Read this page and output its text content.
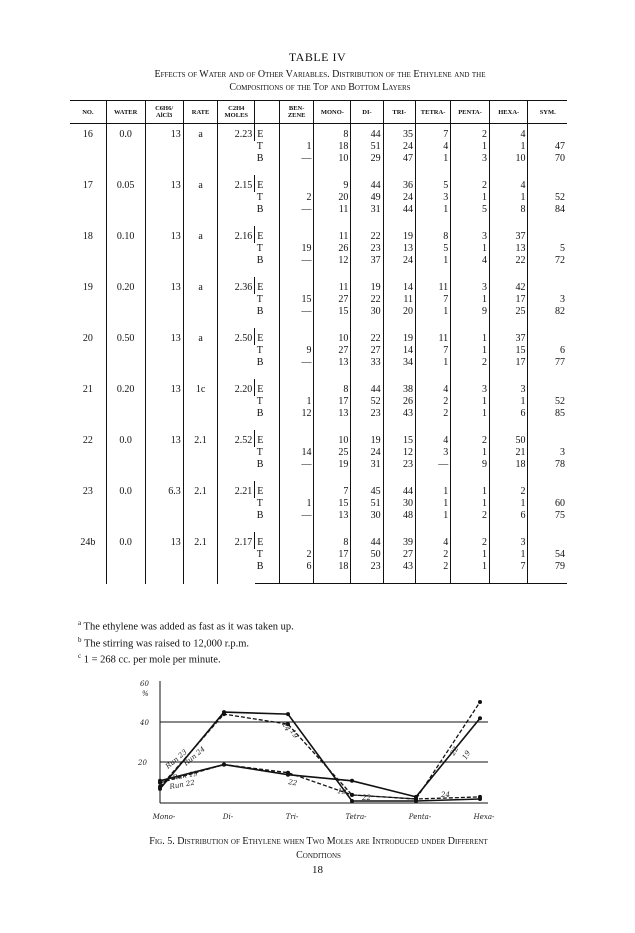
TABLE IV
Effects of Water and of Other Variables. Distribution of the Ethylene and the
Compositions of the Top and Bottom Layers
NO.	WATER	C6H6/ AlCl3	RATE	C2H4 MOLES		BEN- ZENE	MONO-	DI-	TRI-	TETRA-	PENTA-	HEXA-	SYM.
16	0.0	13	a	2.23	E		8	44	35	7	2	4	
					T	1	18	51	24	4	1	1	47
					B	—	10	29	47	1	3	10	70
17	0.05	13	a	2.15	E		9	44	36	5	2	4	
					T	2	20	49	24	3	1	1	52
					B	—	11	31	44	1	5	8	84
18	0.10	13	a	2.16	E		11	22	19	8	3	37	
					T	19	26	23	13	5	1	13	5
					B	—	12	37	24	1	4	22	72
19	0.20	13	a	2.36	E		11	19	14	11	3	42	
					T	15	27	22	11	7	1	17	3
					B	—	15	30	20	1	9	25	82
20	0.50	13	a	2.50	E		10	22	19	11	1	37	
					T	9	27	27	14	7	1	15	6
					B	—	13	33	34	1	2	17	77
21	0.20	13	1c	2.20	E		8	44	38	4	3	3	
					T	1	17	52	26	2	1	1	52
					B	12	13	23	43	2	1	6	85
22	0.0	13	2.1	2.52	E		10	19	15	4	2	50	
					T	14	25	24	12	3	1	21	3
					B	—	19	31	23	—	9	18	78
23	0.0	6.3	2.1	2.21	E		7	45	44	1	1	2	
					T	1	15	51	30	1	1	1	60
					B	—	13	30	48	1	2	6	75
24b	0.0	13	2.1	2.17	E		8	44	39	4	2	3	
					T	2	17	50	27	2	1	1	54
					B	6	18	23	43	2	1	7	79
$^a$ The ethylene was added as fast as it was taken up.
$^b$ The stirring was raised to 12,000 r.p.m.
$^c$ 1 = 268 cc. per mole per minute.
60
%
40
20
Mono-	Di-	Tri-	Tetra-	Penta-	Hexa-
Run 23
Run 24
Run 19
Run 22
24
19
22
19
22	24
22 19
Fig. 5. Distribution of Ethylene when Two Moles are Introduced under Different
Conditions
18
